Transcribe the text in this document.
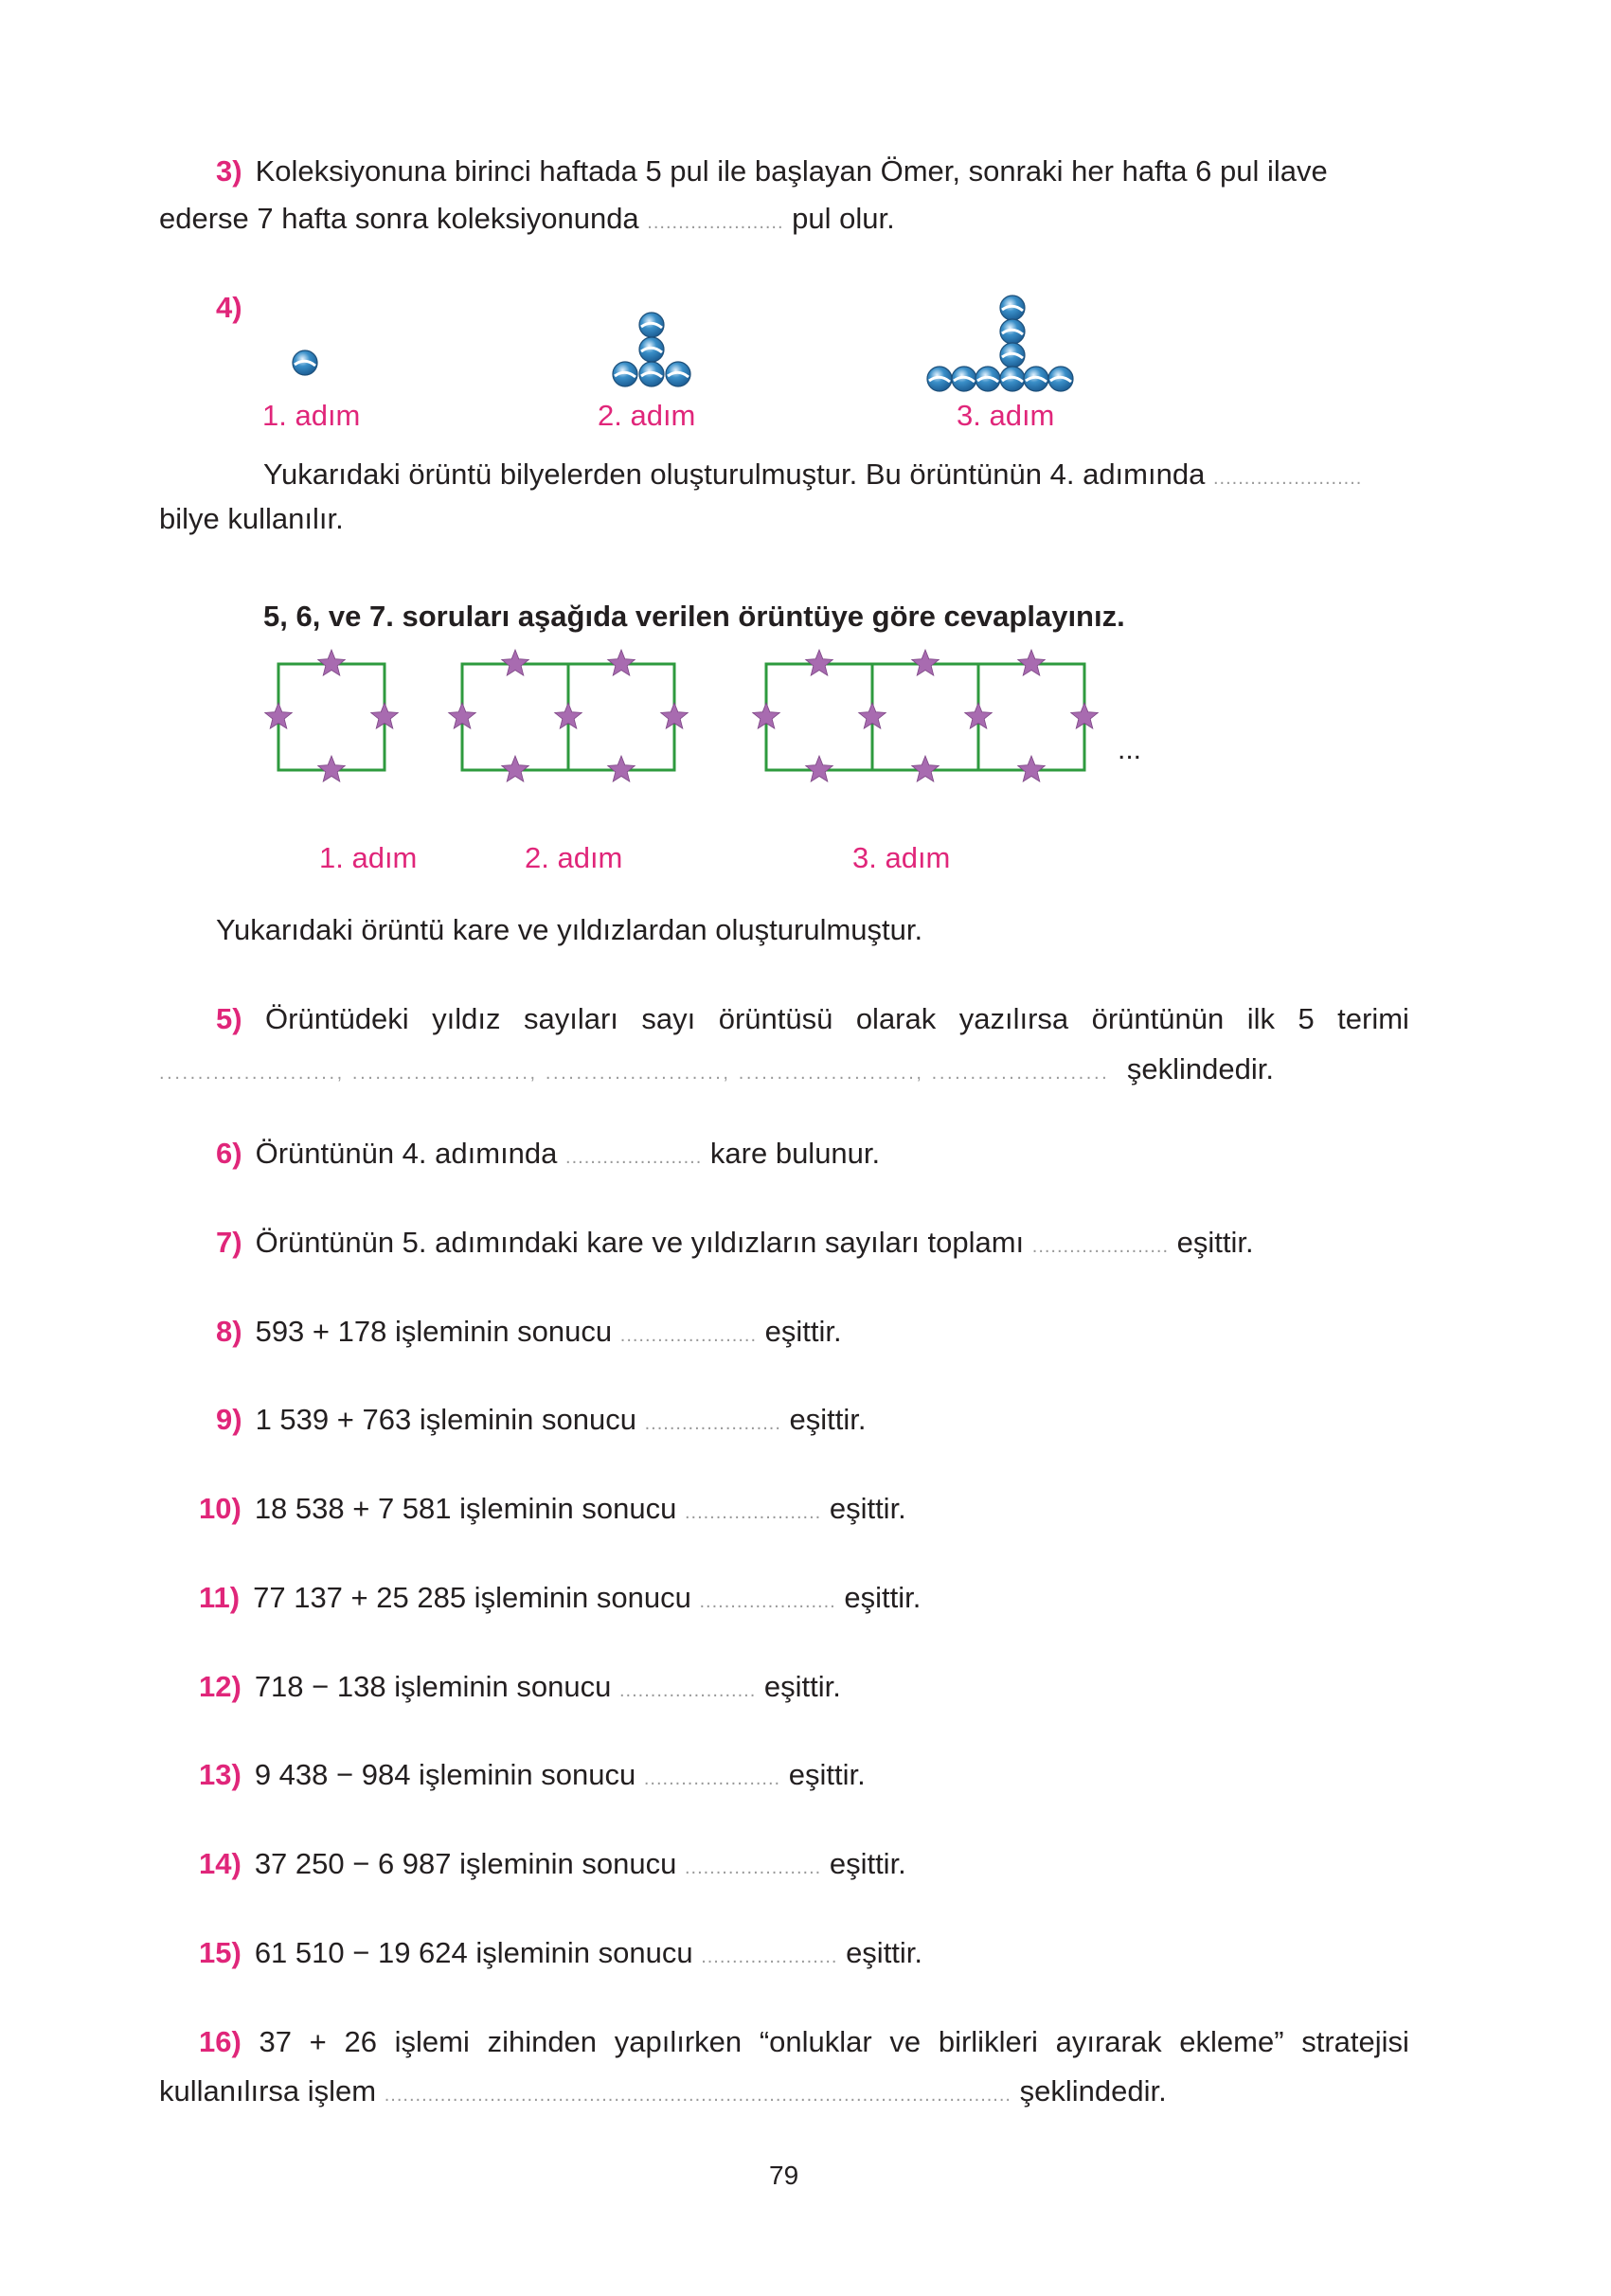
3) Koleksiyonuna birinci haftada 5 pul ile başlayan Ömer, sonraki her hafta 6 pul ilave
ederse 7 hafta sonra koleksiyonunda ...................... pul olur.
4)
1. adım	2. adım	3. adım
Yukarıdaki örüntü bilyelerden oluşturulmuştur. Bu örüntünün 4. adımında ........................
bilye kullanılır.
5, 6, ve 7. soruları aşağıda verilen örüntüye göre cevaplayınız.
...
1. adım	2. adım	3. adım
Yukarıdaki örüntü kare ve yıldızlardan oluşturulmuştur.
5) Örüntüdeki yıldız sayıları sayı örüntüsü olarak yazılırsa örüntünün ilk 5 terimi
......................., ......................., ......................., ......................., ....................... şeklindedir.
6) Örüntünün 4. adımında ...................... kare bulunur.
7) Örüntünün 5. adımındaki kare ve yıldızların sayıları toplamı ...................... eşittir.
8) 593 + 178 işleminin sonucu ...................... eşittir.
9) 1 539 + 763 işleminin sonucu ...................... eşittir.
10) 18 538 + 7 581 işleminin sonucu ...................... eşittir.
11) 77 137 + 25 285 işleminin sonucu ...................... eşittir.
12) 718 − 138 işleminin sonucu ...................... eşittir.
13) 9 438 − 984 işleminin sonucu ...................... eşittir.
14) 37 250 − 6 987 işleminin sonucu ...................... eşittir.
15) 61 510 − 19 624 işleminin sonucu ...................... eşittir.
16) 37 + 26 işlemi zihinden yapılırken “onluklar ve birlikleri ayırarak ekleme” stratejisi
kullanılırsa işlem ..................................................................................................... şeklindedir.
79
